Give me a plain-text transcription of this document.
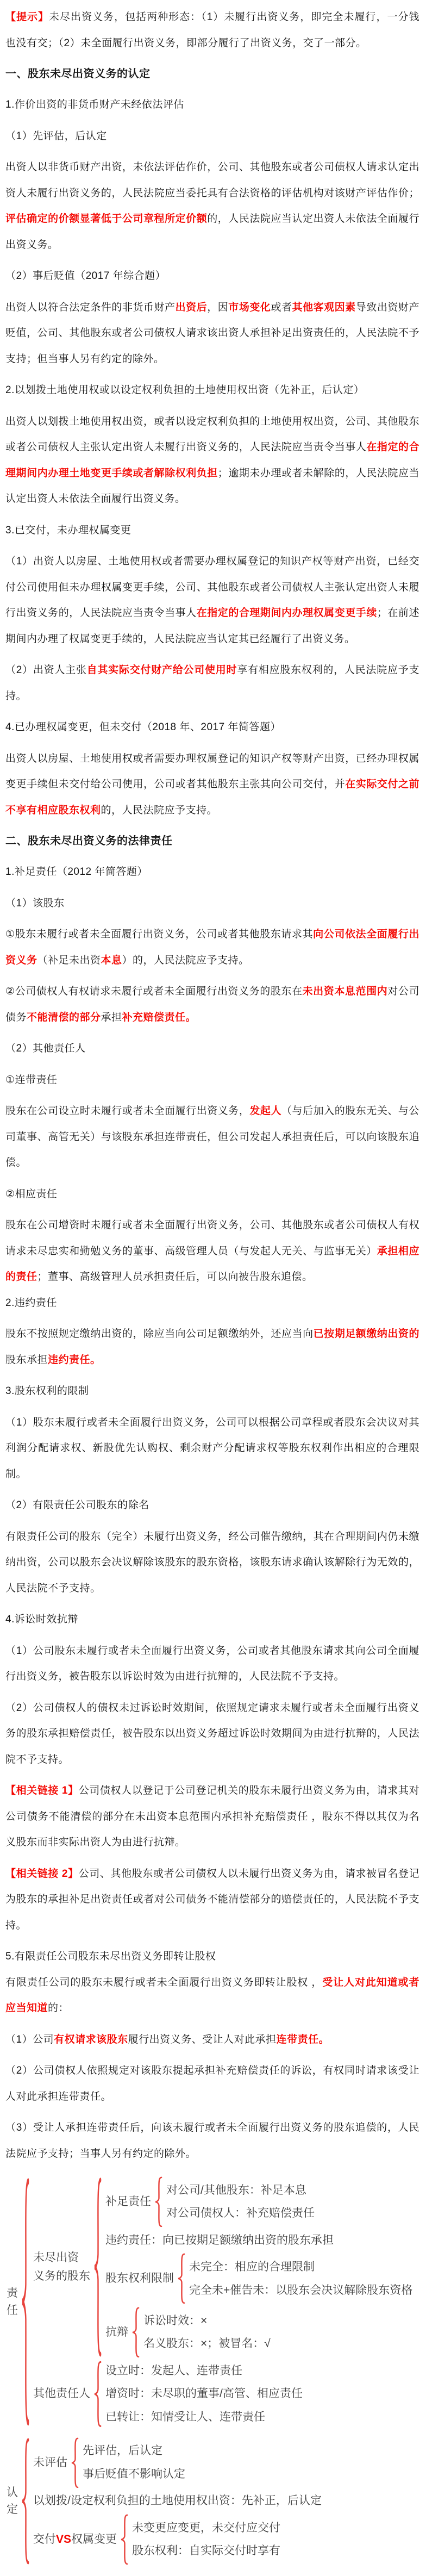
【提示】未尽出资义务，包括两种形态：（1）未履行出资义务，即完全未履行，一分钱也没有交；（2）未全面履行出资义务，即部分履行了出资义务，交了一部分。

一、股东未尽出资义务的认定

1.作价出资的非货币财产未经依法评估

（1）先评估，后认定

出资人以非货币财产出资，未依法评估作价，公司、其他股东或者公司债权人请求认定出资人未履行出资义务的，人民法院应当委托具有合法资格的评估机构对该财产评估作价；评估确定的价额显著低于公司章程所定价额的，人民法院应当认定出资人未依法全面履行出资义务。

（2）事后贬值（2017 年综合题）

出资人以符合法定条件的非货币财产出资后，因市场变化或者其他客观因素导致出资财产贬值，公司、其他股东或者公司债权人请求该出资人承担补足出资责任的，人民法院不予支持；但当事人另有约定的除外。

2.以划拨土地使用权或以设定权利负担的土地使用权出资（先补正，后认定）

出资人以划拨土地使用权出资，或者以设定权利负担的土地使用权出资，公司、其他股东或者公司债权人主张认定出资人未履行出资义务的，人民法院应当责令当事人在指定的合理期间内办理土地变更手续或者解除权利负担；逾期未办理或者未解除的，人民法院应当认定出资人未依法全面履行出资义务。

3.已交付，未办理权属变更

（1）出资人以房屋、土地使用权或者需要办理权属登记的知识产权等财产出资，已经交付公司使用但未办理权属变更手续，公司、其他股东或者公司债权人主张认定出资人未履行出资义务的，人民法院应当责令当事人在指定的合理期间内办理权属变更手续；在前述期间内办理了权属变更手续的，人民法院应当认定其已经履行了出资义务。

（2）出资人主张自其实际交付财产给公司使用时享有相应股东权利的，人民法院应予支持。

4.已办理权属变更，但未交付（2018 年、2017 年简答题）

出资人以房屋、土地使用权或者需要办理权属登记的知识产权等财产出资，已经办理权属变更手续但未交付给公司使用，公司或者其他股东主张其向公司交付，并在实际交付之前不享有相应股东权利的，人民法院应予支持。

二、股东未尽出资义务的法律责任

1.补足责任（2012 年简答题）

（1）该股东

①股东未履行或者未全面履行出资义务，公司或者其他股东请求其向公司依法全面履行出资义务（补足未出资本息）的，人民法院应予支持。

②公司债权人有权请求未履行或者未全面履行出资义务的股东在未出资本息范围内对公司债务不能清偿的部分承担补充赔偿责任。

（2）其他责任人

①连带责任

股东在公司设立时未履行或者未全面履行出资义务，发起人（与后加入的股东无关、与公司董事、高管无关）与该股东承担连带责任，但公司发起人承担责任后，可以向该股东追偿。

②相应责任

股东在公司增资时未履行或者未全面履行出资义务，公司、其他股东或者公司债权人有权请求未尽忠实和勤勉义务的董事、高级管理人员（与发起人无关、与监事无关）承担相应的责任；董事、高级管理人员承担责任后，可以向被告股东追偿。

2.违约责任

股东不按照规定缴纳出资的，除应当向公司足额缴纳外，还应当向已按期足额缴纳出资的股东承担违约责任。

3.股东权利的限制

（1）股东未履行或者未全面履行出资义务，公司可以根据公司章程或者股东会决议对其利润分配请求权、新股优先认购权、剩余财产分配请求权等股东权利作出相应的合理限制。

（2）有限责任公司股东的除名

有限责任公司的股东（完全）未履行出资义务，经公司催告缴纳，其在合理期间内仍未缴纳出资，公司以股东会决议解除该股东的股东资格，该股东请求确认该解除行为无效的，人民法院不予支持。

4.诉讼时效抗辩

（1）公司股东未履行或者未全面履行出资义务，公司或者其他股东请求其向公司全面履行出资义务，被告股东以诉讼时效为由进行抗辩的，人民法院不予支持。

（2）公司债权人的债权未过诉讼时效期间，依照规定请求未履行或者未全面履行出资义务的股东承担赔偿责任，被告股东以出资义务超过诉讼时效期间为由进行抗辩的，人民法院不予支持。

【相关链接 1】公司债权人以登记于公司登记机关的股东未履行出资义务为由，请求其对公司债务不能清偿的部分在未出资本息范围内承担补充赔偿责任 ，股东不得以其仅为名义股东而非实际出资人为由进行抗辩。

【相关链接 2】公司、其他股东或者公司债权人以未履行出资义务为由，请求被冒名登记为股东的承担补足出资责任或者对公司债务不能清偿部分的赔偿责任的，人民法院不予支持。

5.有限责任公司股东未尽出资义务即转让股权

有限责任公司的股东未履行或者未全面履行出资义务即转让股权 ，受让人对此知道或者应当知道的：

（1）公司有权请求该股东履行出资义务、受让人对此承担连带责任。

（2）公司债权人依照规定对该股东提起承担补充赔偿责任的诉讼，有权同时请求该受让人对此承担连带责任。

（3）受让人承担连带责任后，向该未履行或者未全面履行出资义务的股东追偿的，人民法院应予支持；当事人另有约定的除外。

责
任
未尽出资
义务的股东
补足责任
对公司/其他股东：补足本息
对公司债权人：补充赔偿责任
违约责任：向已按期足额缴纳出资的股东承担
股东权利限制
未完全：相应的合理限制
完全未+催告未：以股东会决议解除股东资格
抗辩
诉讼时效：×
名义股东：×；被冒名：√
其他责任人
设立时：发起人、连带责任
增资时：未尽职的董事/高管、相应责任
已转让：知情受让人、连带责任
认
定
未评估
先评估，后认定
事后贬值不影响认定
以划拨/设定权利负担的土地使用权出资：先补正，后认定
交付VS权属变更
未变更应变更，未交付应交付
股东权利：自实际交付时享有
